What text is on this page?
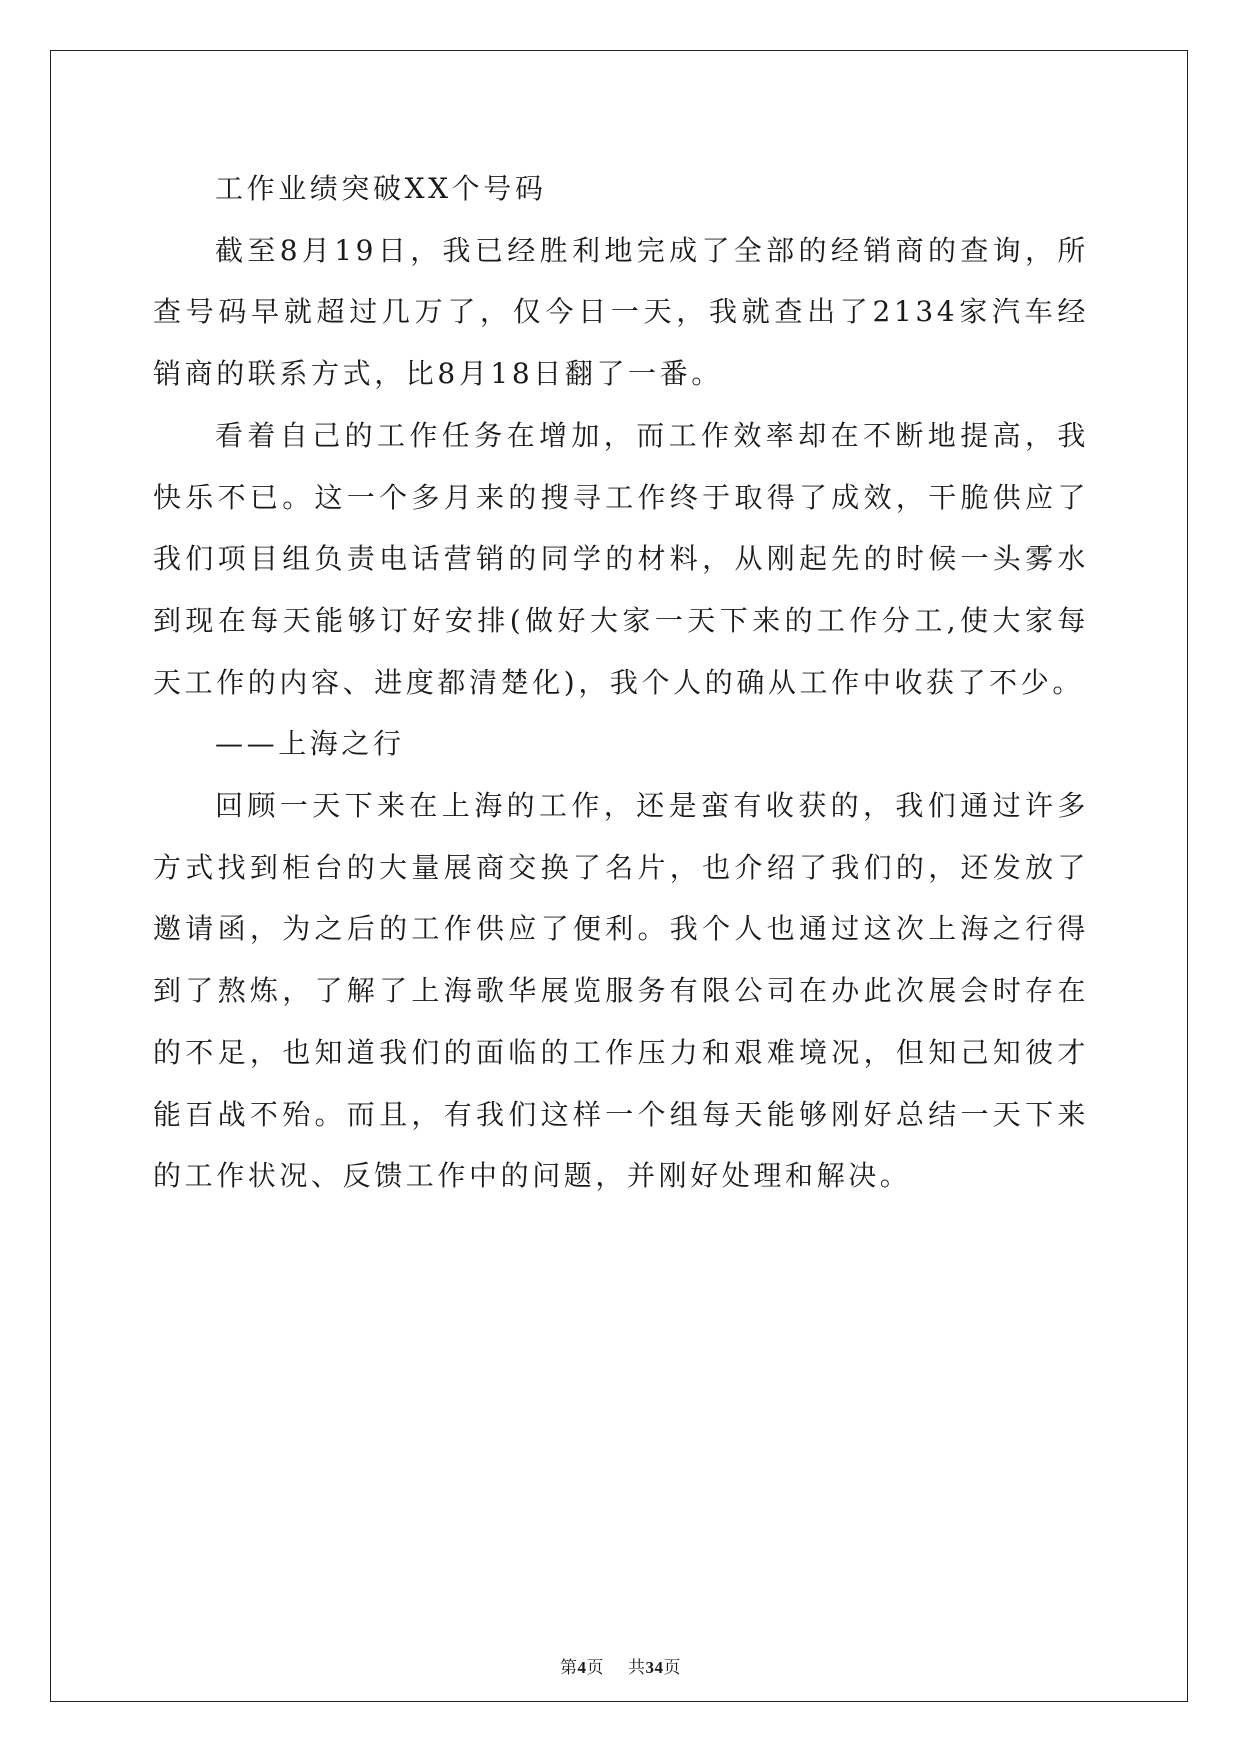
工作业绩突破XX个号码

截至8月19日，我已经胜利地完成了全部的经销商的查询，所查号码早就超过几万了，仅今日一天，我就查出了2134家汽车经销商的联系方式，比8月18日翻了一番。

看着自己的工作任务在增加，而工作效率却在不断地提高，我快乐不已。这一个多月来的搜寻工作终于取得了成效，干脆供应了我们项目组负责电话营销的同学的材料，从刚起先的时候一头雾水到现在每天能够订好安排(做好大家一天下来的工作分工,使大家每天工作的内容、进度都清楚化)，我个人的确从工作中收获了不少。

——上海之行

回顾一天下来在上海的工作，还是蛮有收获的，我们通过许多方式找到柜台的大量展商交换了名片，也介绍了我们的，还发放了邀请函，为之后的工作供应了便利。我个人也通过这次上海之行得到了熬炼，了解了上海歌华展览服务有限公司在办此次展会时存在的不足，也知道我们的面临的工作压力和艰难境况，但知己知彼才能百战不殆。而且，有我们这样一个组每天能够刚好总结一天下来的工作状况、反馈工作中的问题，并刚好处理和解决。

第4页 共34页
